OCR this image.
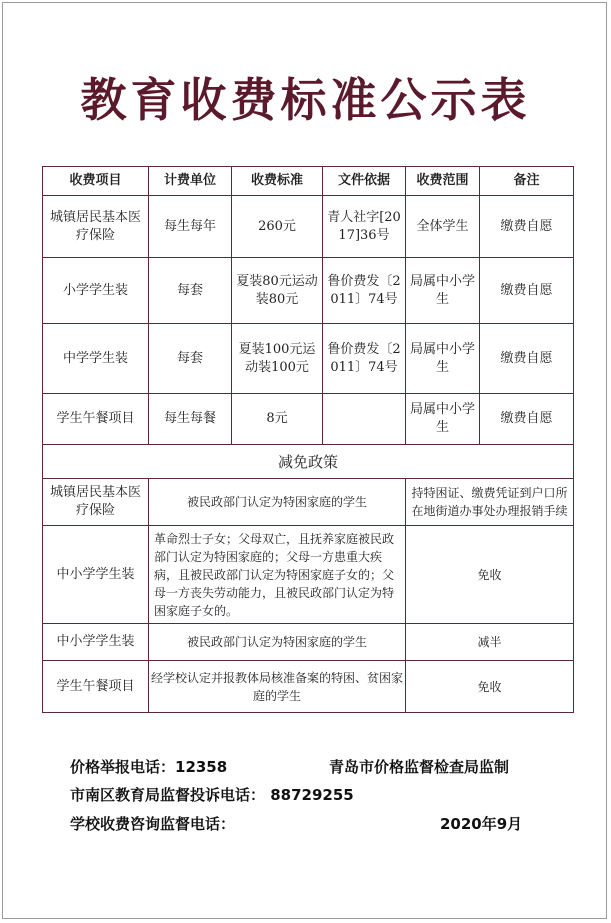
教育收费标准公示表
收费项目	计费单位	收费标准	文件依据	收费范围	备注
城镇居民基本医疗保险	每生每年	260元	青人社字[2017]36号	全体学生	缴费自愿
小学学生装	每套	夏装80元运动装80元	鲁价费发〔2011〕74号	局属中小学生	缴费自愿
中学学生装	每套	夏装100元运动装100元	鲁价费发〔2011〕74号	局属中小学生	缴费自愿
学生午餐项目	每生每餐	8元		局属中小学生	缴费自愿
减免政策					
城镇居民基本医疗保险	被民政部门认定为特困家庭的学生			持特困证、缴费凭证到户口所在地街道办事处办理报销手续	
中小学学生装	革命烈士子女；父母双亡，且抚养家庭被民政部门认定为特困家庭的；父母一方患重大疾病，且被民政部门认定为特困家庭子女的；父母一方丧失劳动能力，且被民政部门认定为特困家庭子女的。			免收	
中小学学生装	被民政部门认定为特困家庭的学生			减半	
学生午餐项目	经学校认定并报教体局核准备案的特困、贫困家庭的学生			免收	
价格举报电话：12358	青岛市价格监督检查局监制
市南区教育局监督投诉电话： 88729255
学校收费咨询监督电话：	2020年9月
